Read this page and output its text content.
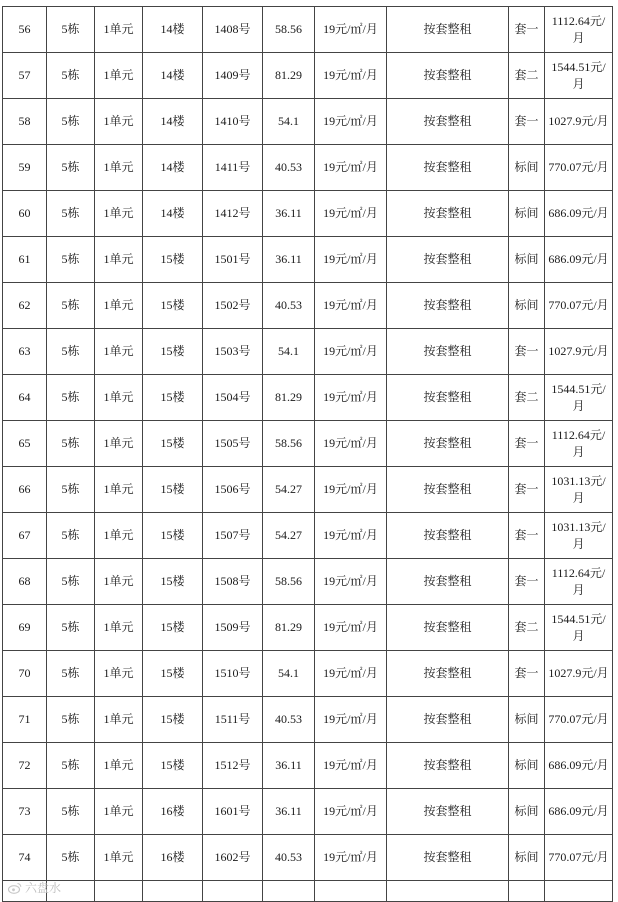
56	5栋	1单元	14楼	1408号	58.56	19元/㎡/月	按套整租	套一	1112.64元/月
57	5栋	1单元	14楼	1409号	81.29	19元/㎡/月	按套整租	套二	1544.51元/月
58	5栋	1单元	14楼	1410号	54.1	19元/㎡/月	按套整租	套一	1027.9元/月
59	5栋	1单元	14楼	1411号	40.53	19元/㎡/月	按套整租	标间	770.07元/月
60	5栋	1单元	14楼	1412号	36.11	19元/㎡/月	按套整租	标间	686.09元/月
61	5栋	1单元	15楼	1501号	36.11	19元/㎡/月	按套整租	标间	686.09元/月
62	5栋	1单元	15楼	1502号	40.53	19元/㎡/月	按套整租	标间	770.07元/月
63	5栋	1单元	15楼	1503号	54.1	19元/㎡/月	按套整租	套一	1027.9元/月
64	5栋	1单元	15楼	1504号	81.29	19元/㎡/月	按套整租	套二	1544.51元/月
65	5栋	1单元	15楼	1505号	58.56	19元/㎡/月	按套整租	套一	1112.64元/月
66	5栋	1单元	15楼	1506号	54.27	19元/㎡/月	按套整租	套一	1031.13元/月
67	5栋	1单元	15楼	1507号	54.27	19元/㎡/月	按套整租	套一	1031.13元/月
68	5栋	1单元	15楼	1508号	58.56	19元/㎡/月	按套整租	套一	1112.64元/月
69	5栋	1单元	15楼	1509号	81.29	19元/㎡/月	按套整租	套二	1544.51元/月
70	5栋	1单元	15楼	1510号	54.1	19元/㎡/月	按套整租	套一	1027.9元/月
71	5栋	1单元	15楼	1511号	40.53	19元/㎡/月	按套整租	标间	770.07元/月
72	5栋	1单元	15楼	1512号	36.11	19元/㎡/月	按套整租	标间	686.09元/月
73	5栋	1单元	16楼	1601号	36.11	19元/㎡/月	按套整租	标间	686.09元/月
74	5栋	1单元	16楼	1602号	40.53	19元/㎡/月	按套整租	标间	770.07元/月

六盘水
